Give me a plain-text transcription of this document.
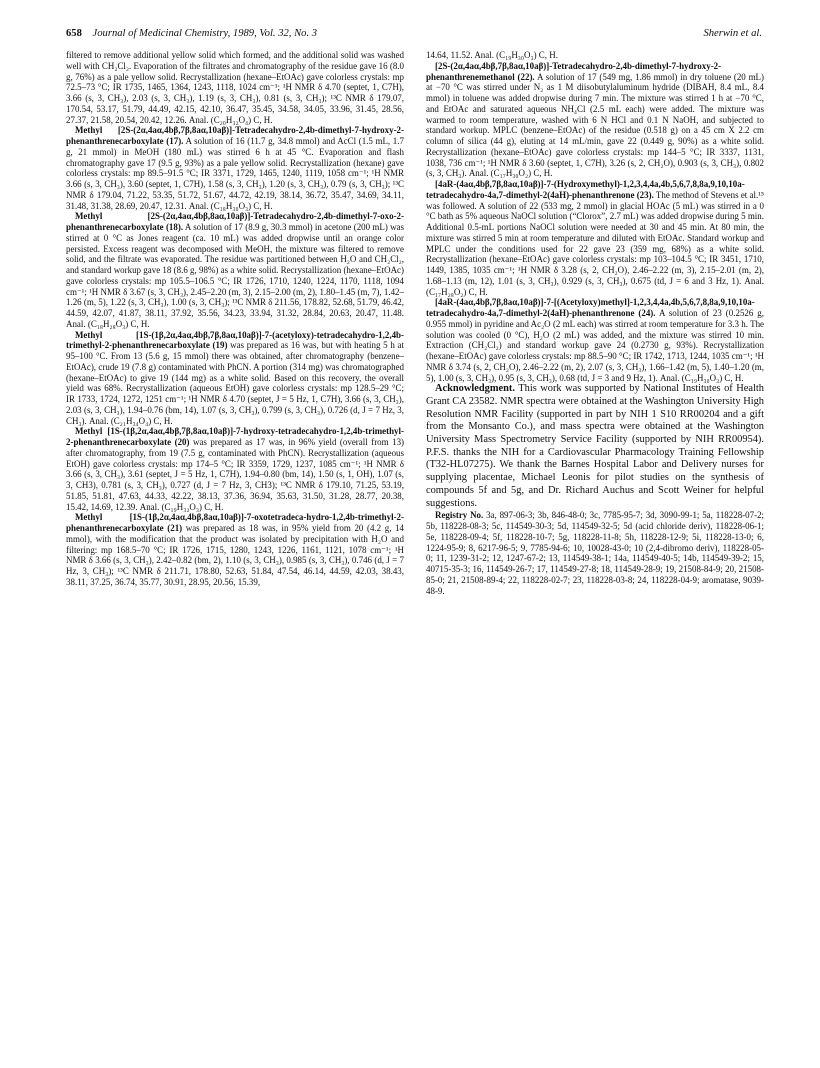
658 Journal of Medicinal Chemistry, 1989, Vol. 32, No. 3	Sherwin et al.

filtered to remove additional yellow solid which formed, and the additional solid was washed well with CH₂Cl₂. Evaporation of the filtrates and chromatography of the residue gave 16 (8.0 g, 76%) as a pale yellow solid. Recrystallization (hexane–EtOAc) gave colorless crystals: mp 72.5–73 °C; IR 1735, 1465, 1364, 1243, 1118, 1024 cm⁻¹; ¹H NMR δ 4.70 (septet, 1, C7H), 3.66 (s, 3, CH₃), 2.03 (s, 3, CH₃), 1.19 (s, 3, CH₃), 0.81 (s, 3, CH₃); ¹³C NMR δ 179.07, 170.54, 53.17, 51.79, 44.49, 42.15, 42.10, 36.47, 35.45, 34.58, 34.05, 33.96, 31.45, 28.56, 27.37, 21.58, 20.54, 20.42, 12.26. Anal. (C₂₀H₃₂O₄) C, H.

Methyl [2S-(2α,4aα,4bβ,7β,8aα,10aβ)]-Tetradecahydro-2,4b-dimethyl-7-hydroxy-2-phenanthrenecarboxylate (17). A solution of 16 (11.7 g, 34.8 mmol) and AcCl (1.5 mL, 1.7 g, 21 mmol) in MeOH (180 mL) was stirred 6 h at 45 °C. Evaporation and flash chromatography gave 17 (9.5 g, 93%) as a pale yellow solid. Recrystallization (hexane) gave colorless crystals: mp 89.5–91.5 °C; IR 3371, 1729, 1465, 1240, 1119, 1058 cm⁻¹; ¹H NMR 3.66 (s, 3, CH₃), 3.60 (septet, 1, C7H), 1.58 (s, 3, CH₃), 1.20 (s, 3, CH₃), 0.79 (s, 3, CH₃); ¹³C NMR δ 179.04, 71.22, 53.35, 51.72, 51.67, 44.72, 42.19, 38.14, 36.72, 35.47, 34.69, 34.11, 31.48, 31.38, 28.69, 20.47, 12.31. Anal. (C₁₈H₃₀O₃) C, H.

Methyl [2S-(2α,4aα,4bβ,8aα,10aβ)]-Tetradecahydro-2,4b-dimethyl-7-oxo-2-phenanthrenecarboxylate (18). A solution of 17 (8.9 g, 30.3 mmol) in acetone (200 mL) was stirred at 0 °C as Jones reagent (ca. 10 mL) was added dropwise until an orange color persisted. Excess reagent was decomposed with MeOH, the mixture was filtered to remove solid, and the filtrate was evaporated. The residue was partitioned between H₂O and CH₂Cl₂, and standard workup gave 18 (8.6 g, 98%) as a white solid. Recrystallization (hexane–EtOAc) gave colorless crystals: mp 105.5–106.5 °C; IR 1726, 1710, 1240, 1224, 1170, 1118, 1094 cm⁻¹; ¹H NMR δ 3.67 (s, 3, CH₃), 2.45–2.20 (m, 3), 2.15–2.00 (m, 2), 1.80–1.45 (m, 7), 1.42–1.26 (m, 5), 1.22 (s, 3, CH₃), 1.00 (s, 3, CH₃); ¹³C NMR δ 211.56, 178.82, 52.68, 51.79, 46.42, 44.59, 42.07, 41.87, 38.11, 37.92, 35.56, 34.23, 33.94, 31.32, 28.84, 20.63, 20.47, 11.48. Anal. (C₁₈H₂₈O₃) C, H.

Methyl [1S-(1β,2α,4aα,4bβ,7β,8aα,10aβ)]-7-(acetyloxy)-tetradecahydro-1,2,4b-trimethyl-2-phenanthrenecarboxylate (19) was prepared as 16 was, but with heating 5 h at 95–100 °C. From 13 (5.6 g, 15 mmol) there was obtained, after chromatography (benzene–EtOAc), crude 19 (7.8 g) contaminated with PhCN. A portion (314 mg) was chromatographed (hexane–EtOAc) to give 19 (144 mg) as a white solid. Based on this recovery, the overall yield was 68%. Recrystallization (aqueous EtOH) gave colorless crystals: mp 128.5–29 °C; IR 1733, 1724, 1272, 1251 cm⁻¹; ¹H NMR δ 4.70 (septet, J = 5 Hz, 1, C7H), 3.66 (s, 3, CH₃), 2.03 (s, 3, CH₃), 1.94–0.76 (bm, 14), 1.07 (s, 3, CH₃), 0.799 (s, 3, CH₃), 0.726 (d, J = 7 Hz, 3, CH₃). Anal. (C₂₁H₃₄O₄) C, H.

Methyl [1S-(1β,2α,4aα,4bβ,7β,8aα,10aβ)]-7-hydroxy-tetradecahydro-1,2,4b-trimethyl-2-phenanthrenecarboxylate (20) was prepared as 17 was, in 96% yield (overall from 13) after chromatography, from 19 (7.5 g, contaminated with PhCN). Recrystallization (aqueous EtOH) gave colorless crystals: mp 174–5 °C; IR 3359, 1729, 1237, 1085 cm⁻¹; ¹H NMR δ 3.66 (s, 3, CH₃), 3.61 (septet, J = 5 Hz, 1, C7H), 1.94–0.80 (bm, 14), 1.50 (s, 1, OH), 1.07 (s, 3, CH3), 0.781 (s, 3, CH₃), 0.727 (d, J = 7 Hz, 3, CH3); ¹³C NMR δ 179.10, 71.25, 53.19, 51.85, 51.81, 47.63, 44.33, 42.22, 38.13, 37.36, 36.94, 35.63, 31.50, 31.28, 28.77, 20.38, 15.42, 14.69, 12.39. Anal. (C₁₉H₃₂O₃) C, H.

Methyl [1S-(1β,2α,4aα,4bβ,8aα,10aβ)]-7-oxotetradeca-hydro-1,2,4b-trimethyl-2-phenanthrenecarboxylate (21) was prepared as 18 was, in 95% yield from 20 (4.2 g, 14 mmol), with the modification that the product was isolated by precipitation with H₂O and filtering: mp 168.5–70 °C; IR 1726, 1715, 1280, 1243, 1226, 1161, 1121, 1078 cm⁻¹; ¹H NMR δ 3.66 (s, 3, CH₃), 2.42–0.82 (bm, 2), 1.10 (s, 3, CH₃), 0.985 (s, 3, CH₃), 0.746 (d, J = 7 Hz, 3, CH₃); ¹³C NMR δ 211.71, 178.80, 52.63, 51.84, 47.54, 46.14, 44.59, 42.03, 38.43, 38.11, 37.25, 36.74, 35.77, 30.91, 28.95, 20.56, 15.39,

14.64, 11.52. Anal. (C₁₉H₃₀O₃) C, H.

[2S-(2α,4aα,4bβ,7β,8aα,10aβ)]-Tetradecahydro-2,4b-dimethyl-7-hydroxy-2-phenanthrenemethanol (22). A solution of 17 (549 mg, 1.86 mmol) in dry toluene (20 mL) at −70 °C was stirred under N₂ as 1 M diisobutylaluminum hydride (DIBAH, 8.4 mL, 8.4 mmol) in toluene was added dropwise during 7 min. The mixture was stirred 1 h at −70 °C, and EtOAc and saturated aqueous NH₄Cl (2.5 mL each) were added. The mixture was warmed to room temperature, washed with 6 N HCl and 0.1 N NaOH, and subjected to standard workup. MPLC (benzene–EtOAc) of the residue (0.518 g) on a 45 cm X 2.2 cm column of silica (44 g), eluting at 14 mL/min, gave 22 (0.449 g, 90%) as a white solid. Recrystallization (hexane–EtOAc) gave colorless crystals: mp 144–5 °C; IR 3337, 1131, 1038, 736 cm⁻¹; ¹H NMR δ 3.60 (septet, 1, C7H), 3.26 (s, 2, CH₂O), 0.903 (s, 3, CH₃), 0.802 (s, 3, CH₃). Anal. (C₁₇H₃₀O₂) C, H.

[4aR-(4aα,4bβ,7β,8aα,10aβ)]-7-(Hydroxymethyl)-1,2,3,4,4a,4b,5,6,7,8,8a,9,10,10a-tetradecahydro-4a,7-dimethyl-2(4aH)-phenanthrenone (23). The method of Stevens et al.¹⁵ was followed. A solution of 22 (533 mg, 2 mmol) in glacial HOAc (5 mL) was stirred in a 0 °C bath as 5% aqueous NaOCl solution (“Clorox”, 2.7 mL) was added dropwise during 5 min. Additional 0.5-mL portions NaOCl solution were needed at 30 and 45 min. At 80 min, the mixture was stirred 5 min at room temperature and diluted with EtOAc. Standard workup and MPLC under the conditions used for 22 gave 23 (359 mg, 68%) as a white solid. Recrystallization (hexane–EtOAc) gave colorless crystals: mp 103–104.5 °C; IR 3451, 1710, 1449, 1385, 1035 cm⁻¹; ¹H NMR δ 3.28 (s, 2, CH₂O), 2.46–2.22 (m, 3), 2.15–2.01 (m, 2), 1.68–1.13 (m, 12), 1.01 (s, 3, CH₃), 0.929 (s, 3, CH₃), 0.675 (td, J = 6 and 3 Hz, 1). Anal. (C₁₇H₂₈O₂) C, H.

[4aR-(4aα,4bβ,7β,8aα,10aβ)]-7-[(Acetyloxy)methyl]-1,2,3,4,4a,4b,5,6,7,8,8a,9,10,10a-tetradecahydro-4a,7-dimethyl-2(4aH)-phenanthrenone (24). A solution of 23 (0.2526 g, 0.955 mmol) in pyridine and Ac₂O (2 mL each) was stirred at room temperature for 3.3 h. The solution was cooled (0 °C), H₂O (2 mL) was added, and the mixture was stirred 10 min. Extraction (CH₂Cl₂) and standard workup gave 24 (0.2730 g, 93%). Recrystallization (hexane–EtOAc) gave colorless crystals: mp 88.5–90 °C; IR 1742, 1713, 1244, 1035 cm⁻¹; ¹H NMR δ 3.74 (s, 2, CH₂O), 2.46–2.22 (m, 2), 2.07 (s, 3, CH₃), 1.66–1.42 (m, 5), 1.40–1.20 (m, 5), 1.00 (s, 3, CH₃), 0.95 (s, 3, CH₃), 0.68 (td, J = 3 and 9 Hz, 1). Anal. (C₁₉H₃₀O₃) C, H.

Acknowledgment. This work was supported by National Institutes of Health Grant CA 23582. NMR spectra were obtained at the Washington University High Resolution NMR Facility (supported in part by NIH 1 S10 RR00204 and a gift from the Monsanto Co.), and mass spectra were obtained at the Washington University Mass Spectrometry Service Facility (supported by NIH RR00954). P.F.S. thanks the NIH for a Cardiovascular Pharmacology Training Fellowship (T32-HL07275). We thank the Barnes Hospital Labor and Delivery nurses for supplying placentae, Michael Leonis for pilot studies on the synthesis of compounds 5f and 5g, and Dr. Richard Auchus and Scott Weiner for helpful suggestions.

Registry No. 3a, 897-06-3; 3b, 846-48-0; 3c, 7785-95-7; 3d, 3090-99-1; 5a, 118228-07-2; 5b, 118228-08-3; 5c, 114549-30-3; 5d, 114549-32-5; 5d (acid chloride deriv), 118228-06-1; 5e, 118228-09-4; 5f, 118228-10-7; 5g, 118228-11-8; 5h, 118228-12-9; 5i, 118228-13-0; 6, 1224-95-9; 8, 6217-96-5; 9, 7785-94-6; 10, 10028-43-0; 10 (2,4-dibromo deriv), 118228-05-0; 11, 1239-31-2; 12, 1247-67-2; 13, 114549-38-1; 14a, 114549-40-5; 14b, 114549-39-2; 15, 40715-35-3; 16, 114549-26-7; 17, 114549-27-8; 18, 114549-28-9; 19, 21508-84-9; 20, 21508-85-0; 21, 21508-89-4; 22, 118228-02-7; 23, 118228-03-8; 24, 118228-04-9; aromatase, 9039-48-9.
